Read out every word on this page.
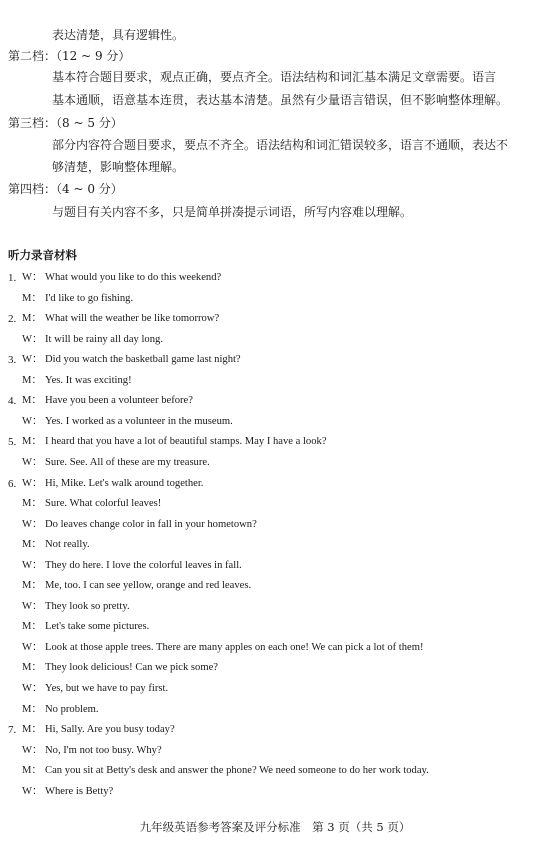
表达清楚，具有逻辑性。
第二档：（12 ~ 9 分）
基本符合题目要求，观点正确，要点齐全。语法结构和词汇基本满足文章需要。语言
基本通顺，语意基本连贯，表达基本清楚。虽然有少量语言错误，但不影响整体理解。
第三档：（8 ~ 5 分）
部分内容符合题目要求，要点不齐全。语法结构和词汇错误较多，语言不通顺，表达不
够清楚，影响整体理解。
第四档：（4 ~ 0 分）
与题目有关内容不多，只是简单拼凑提示词语，所写内容难以理解。
听力录音材料
1. W： What would you like to do this weekend?
M： I'd like to go fishing.
2. M： What will the weather be like tomorrow?
W： It will be rainy all day long.
3. W： Did you watch the basketball game last night?
M： Yes. It was exciting!
4. M： Have you been a volunteer before?
W： Yes. I worked as a volunteer in the museum.
5. M： I heard that you have a lot of beautiful stamps. May I have a look?
W： Sure. See. All of these are my treasure.
6. W： Hi, Mike. Let's walk around together.
M： Sure. What colorful leaves!
W： Do leaves change color in fall in your hometown?
M： Not really.
W： They do here. I love the colorful leaves in fall.
M： Me, too. I can see yellow, orange and red leaves.
W： They look so pretty.
M： Let's take some pictures.
W： Look at those apple trees. There are many apples on each one! We can pick a lot of them!
M： They look delicious! Can we pick some?
W： Yes, but we have to pay first.
M： No problem.
7. M： Hi, Sally. Are you busy today?
W： No, I'm not too busy. Why?
M： Can you sit at Betty's desk and answer the phone? We need someone to do her work today.
W： Where is Betty?
九年级英语参考答案及评分标准　第 3 页（共 5 页）
